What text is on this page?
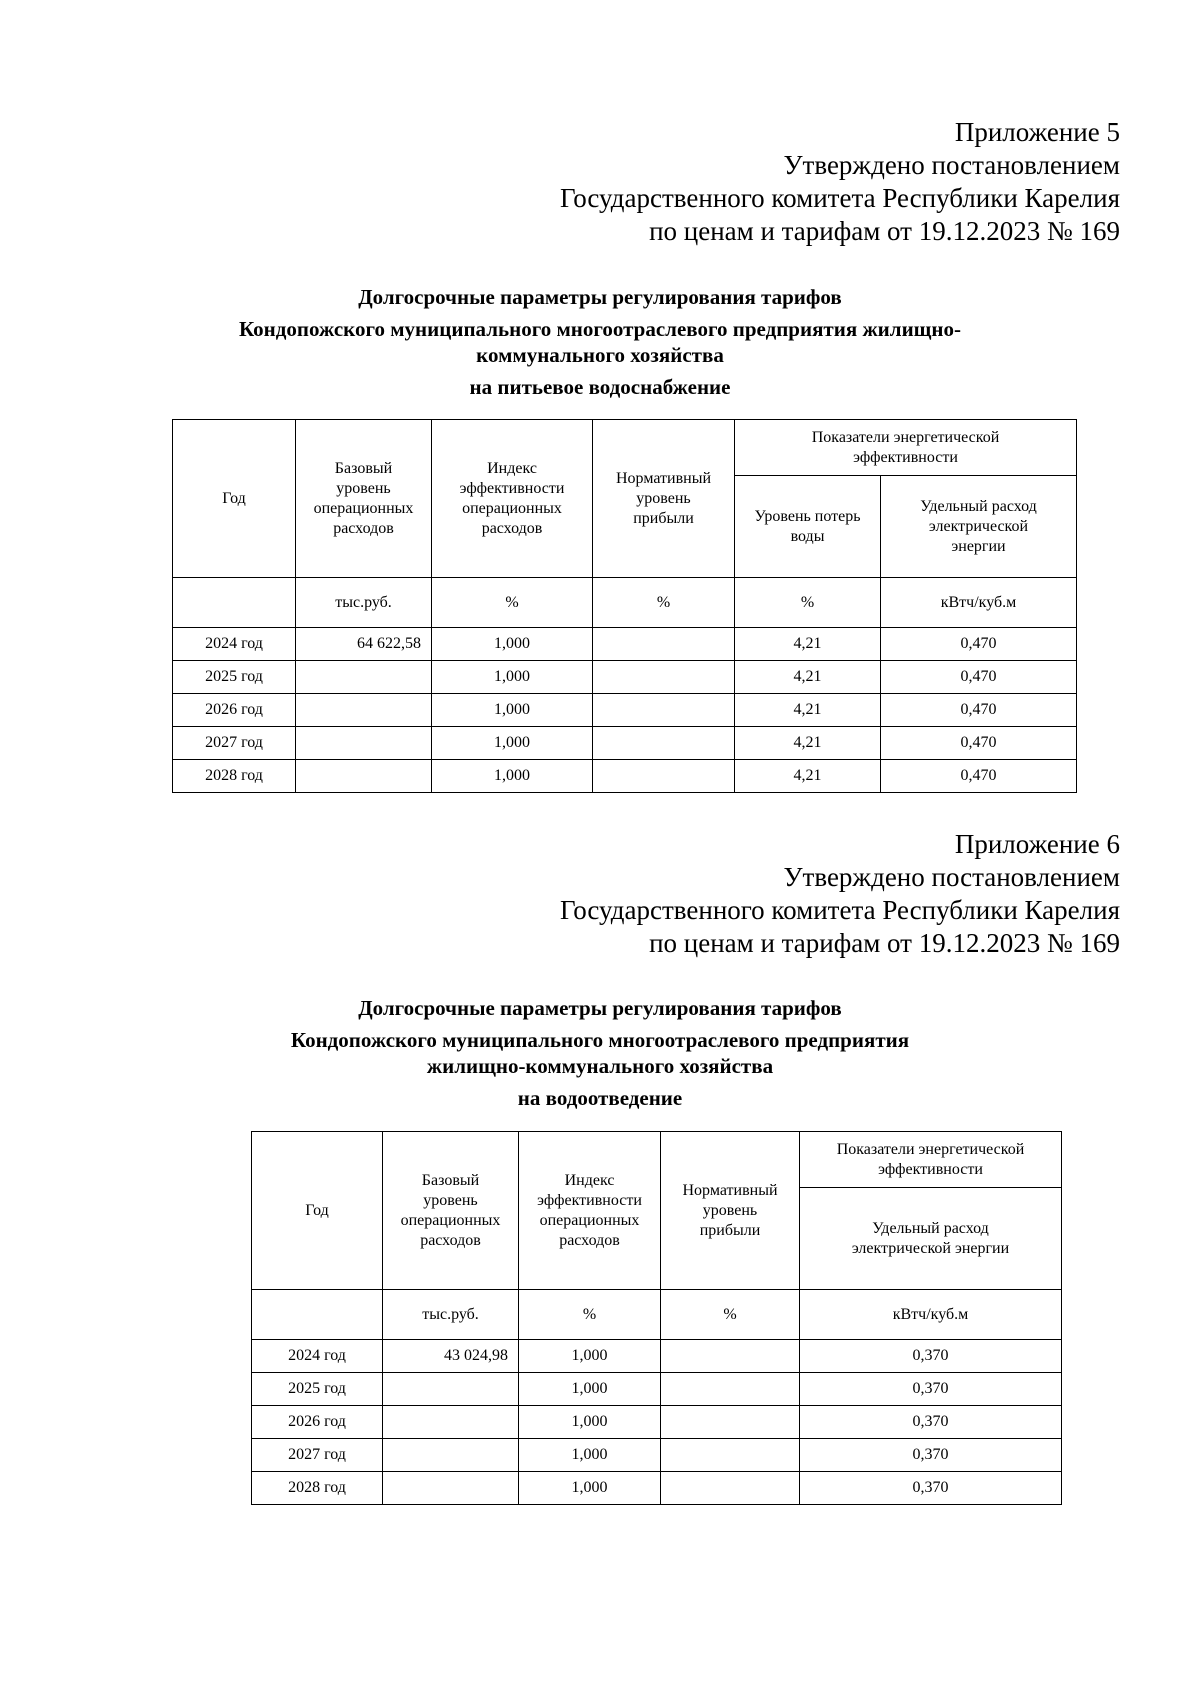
Приложение 5
Утверждено постановлением
Государственного комитета Республики Карелия
по ценам и тарифам от 19.12.2023 № 169
Долгосрочные параметры регулирования тарифов
Кондопожского муниципального многоотраслевого предприятия жилищно-
коммунального хозяйства
на питьевое водоснабжение
Год	Базовый
уровень
операционных
расходов	Индекс
эффективности
операционных
расходов	Нормативный
уровень
прибыли	Показатели энергетической
эффективности	
				Уровень потерь
воды	Удельный расход
электрической
энергии
	тыс.руб.	%	%	%	кВтч/куб.м
2024 год	64 622,58	1,000		4,21	0,470
2025 год		1,000		4,21	0,470
2026 год		1,000		4,21	0,470
2027 год		1,000		4,21	0,470
2028 год		1,000		4,21	0,470
Приложение 6
Утверждено постановлением
Государственного комитета Республики Карелия
по ценам и тарифам от 19.12.2023 № 169
Долгосрочные параметры регулирования тарифов
Кондопожского муниципального многоотраслевого предприятия
жилищно-коммунального хозяйства
на водоотведение
Год	Базовый
уровень
операционных
расходов	Индекс
эффективности
операционных
расходов	Нормативный
уровень
прибыли	Показатели энергетической
эффективности
				Удельный расход
электрической энергии
	тыс.руб.	%	%	кВтч/куб.м
2024 год	43 024,98	1,000		0,370
2025 год		1,000		0,370
2026 год		1,000		0,370
2027 год		1,000		0,370
2028 год		1,000		0,370
